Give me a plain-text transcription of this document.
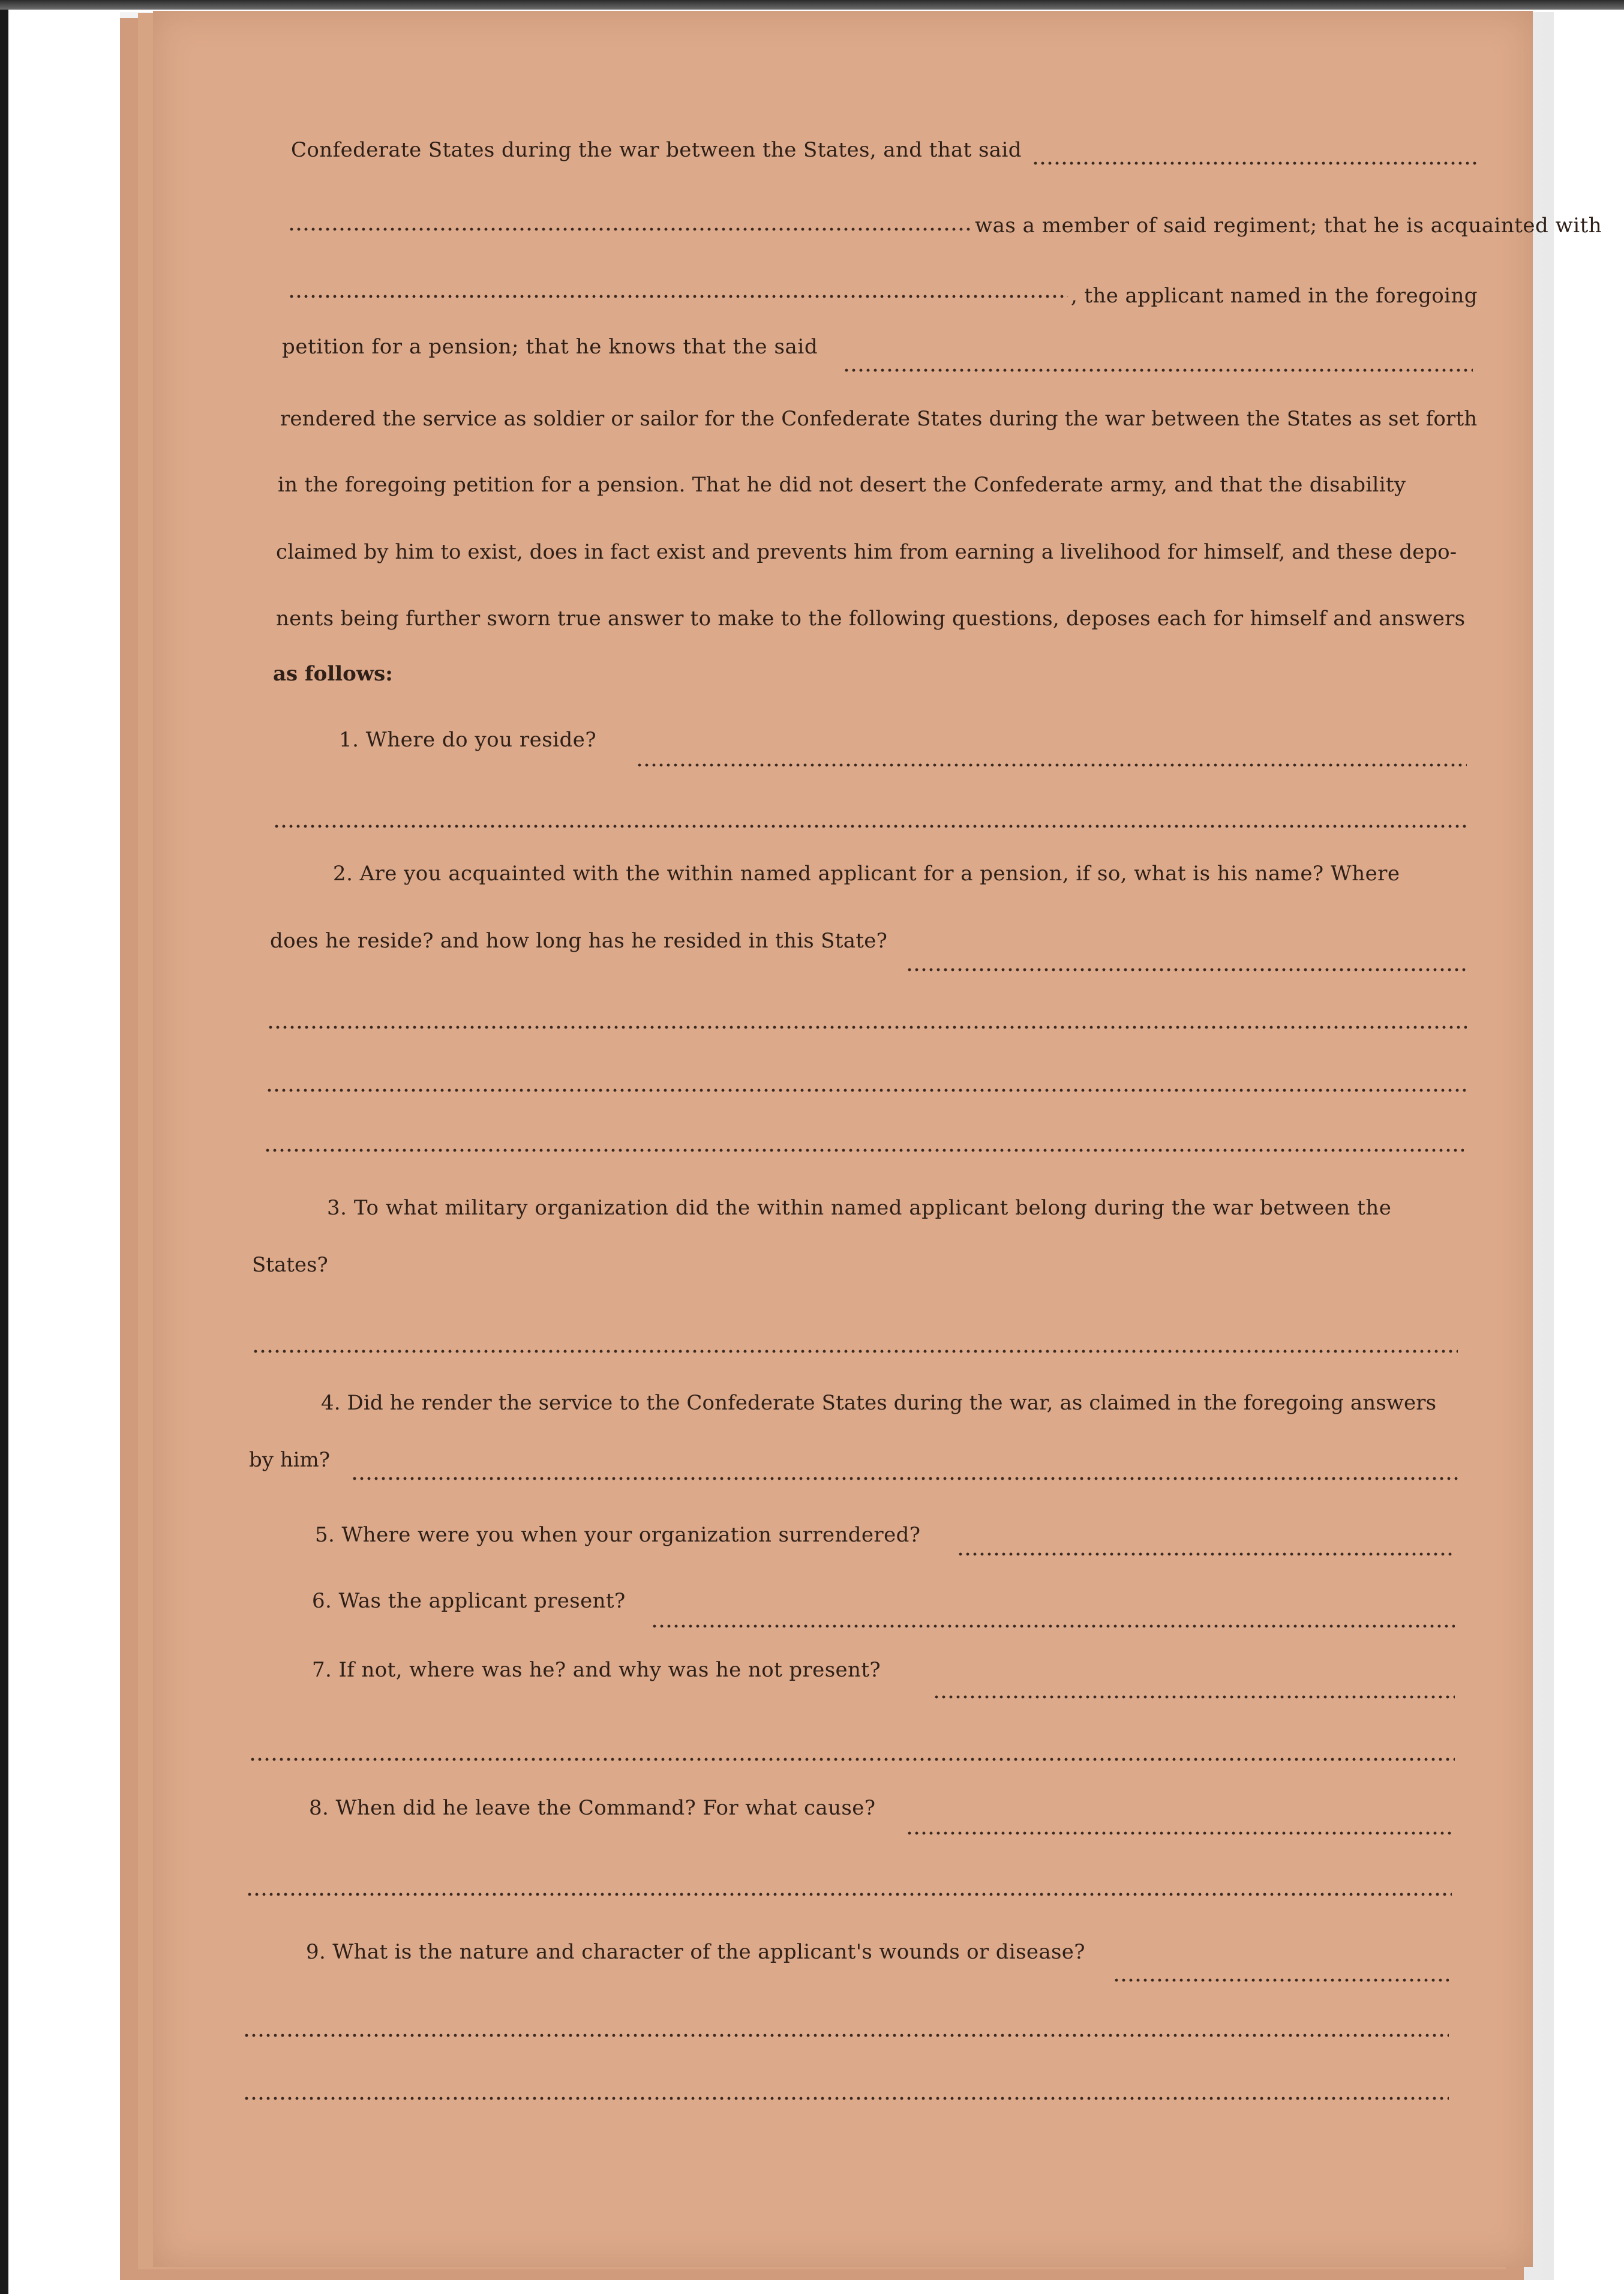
Confederate States during the war between the States, and that said
was a member of said regiment; that he is acquainted with
, the applicant named in the foregoing
petition for a pension; that he knows that the said
rendered the service as soldier or sailor for the Confederate States during the war between the States as set forth
in the foregoing petition for a pension. That he did not desert the Confederate army, and that the disability
claimed by him to exist, does in fact exist and prevents him from earning a livelihood for himself, and these depo-
nents being further sworn true answer to make to the following questions, deposes each for himself and answers
as follows:
1. Where do you reside?
2. Are you acquainted with the within named applicant for a pension, if so, what is his name? Where
does he reside? and how long has he resided in this State?
3. To what military organization did the within named applicant belong during the war between the
States?
4. Did he render the service to the Confederate States during the war, as claimed in the foregoing answers
by him?
5. Where were you when your organization surrendered?
6. Was the applicant present?
7. If not, where was he? and why was he not present?
8. When did he leave the Command? For what cause?
9. What is the nature and character of the applicant's wounds or disease?
